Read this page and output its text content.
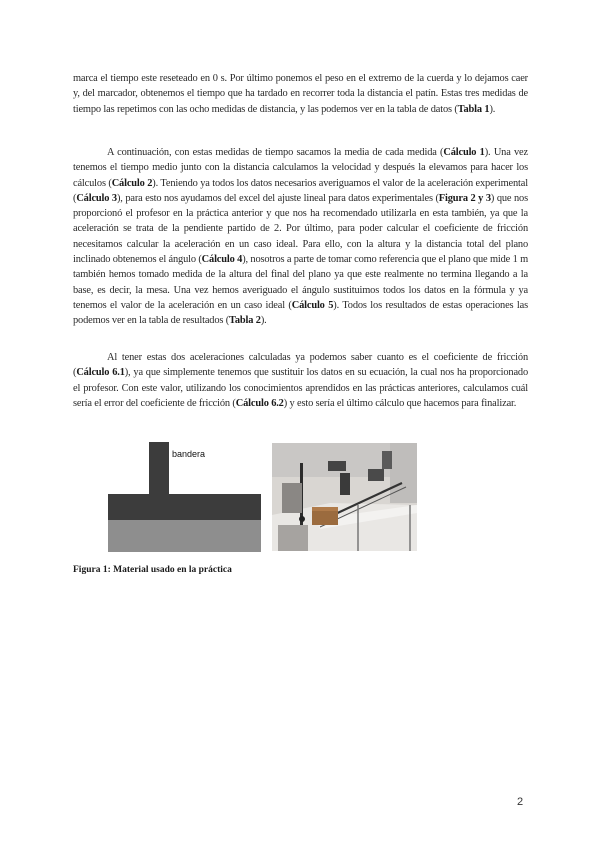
marca el tiempo este reseteado en 0 s. Por último ponemos el peso en el extremo de la cuerda y lo dejamos caer y, del marcador, obtenemos el tiempo que ha tardado en recorrer toda la distancia el patín. Estas tres medidas de tiempo las repetimos con las ocho medidas de distancia, y las podemos ver en la tabla de datos (Tabla 1).

A continuación, con estas medidas de tiempo sacamos la media de cada medida (Cálculo 1). Una vez tenemos el tiempo medio junto con la distancia calculamos la velocidad y después la elevamos para hacer los cálculos (Cálculo 2). Teniendo ya todos los datos necesarios averiguamos el valor de la aceleración experimental (Cálculo 3), para esto nos ayudamos del excel del ajuste lineal para datos experimentales (Figura 2 y 3) que nos proporcionó el profesor en la práctica anterior y que nos ha recomendado utilizarla en esta también, ya que la aceleración se trata de la pendiente partido de 2. Por último, para poder calcular el coeficiente de fricción necesitamos calcular la aceleración en un caso ideal. Para ello, con la altura y la distancia total del plano inclinado obtenemos el ángulo (Cálculo 4), nosotros a parte de tomar como referencia que el plano que mide 1 m también hemos tomado medida de la altura del final del plano ya que este realmente no termina llegando a la base, es decir, la mesa. Una vez hemos averiguado el ángulo sustituimos todos los datos en la fórmula y ya tenemos el valor de la aceleración en un caso ideal (Cálculo 5). Todos los resultados de estas operaciones las podemos ver en la tabla de resultados (Tabla 2).

Al tener estas dos aceleraciones calculadas ya podemos saber cuanto es el coeficiente de fricción (Cálculo 6.1), ya que simplemente tenemos que sustituir los datos en su ecuación, la cual nos ha proporcionado el profesor. Con este valor, utilizando los conocimientos aprendidos en las prácticas anteriores, calculamos cuál sería el error del coeficiente de fricción (Cálculo 6.2) y esto sería el último cálculo que hacemos para finalizar.

bandera
Figura 1: Material usado en la práctica
2
